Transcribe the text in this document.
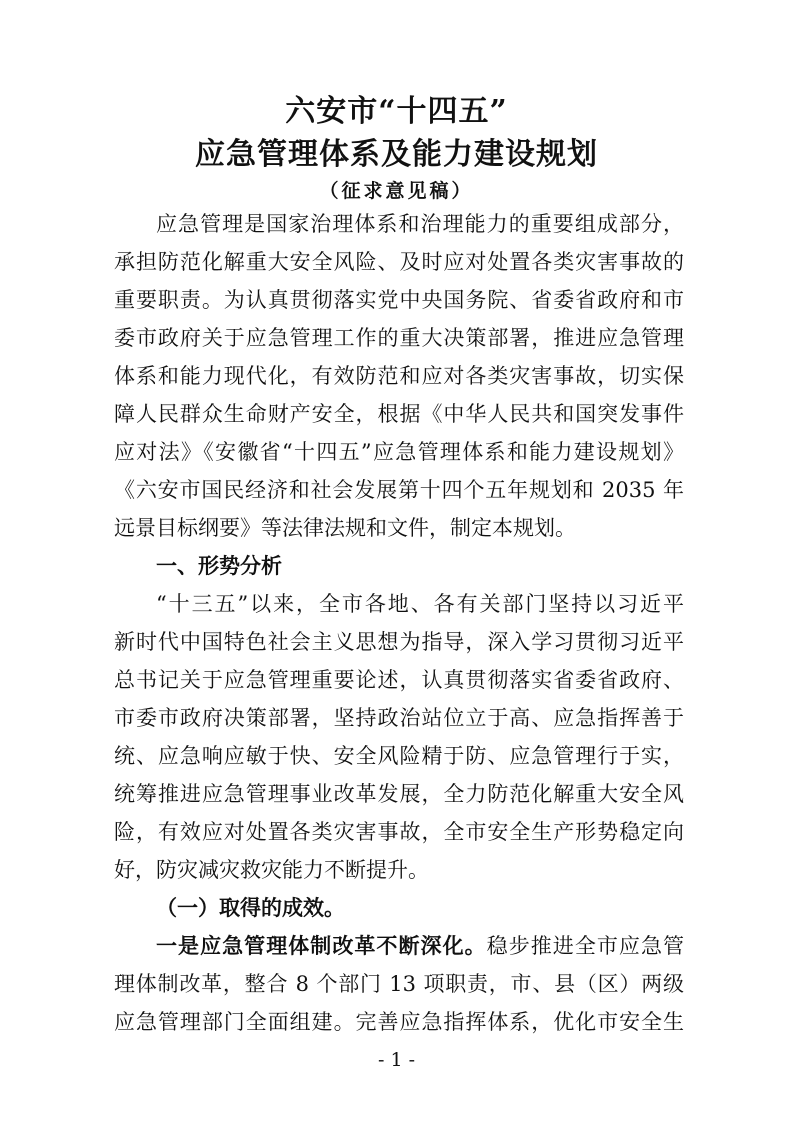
六安市“十四五”
应急管理体系及能力建设规划
（征求意见稿）
应急管理是国家治理体系和治理能力的重要组成部分，
承担防范化解重大安全风险、及时应对处置各类灾害事故的
重要职责。为认真贯彻落实党中央国务院、省委省政府和市
委市政府关于应急管理工作的重大决策部署，推进应急管理
体系和能力现代化，有效防范和应对各类灾害事故，切实保
障人民群众生命财产安全，根据《中华人民共和国突发事件
应对法》《安徽省“十四五”应急管理体系和能力建设规划》
《六安市国民经济和社会发展第十四个五年规划和 2035 年
远景目标纲要》等法律法规和文件，制定本规划。
一、形势分析
“十三五”以来，全市各地、各有关部门坚持以习近平
新时代中国特色社会主义思想为指导，深入学习贯彻习近平
总书记关于应急管理重要论述，认真贯彻落实省委省政府、
市委市政府决策部署，坚持政治站位立于高、应急指挥善于
统、应急响应敏于快、安全风险精于防、应急管理行于实，
统筹推进应急管理事业改革发展，全力防范化解重大安全风
险，有效应对处置各类灾害事故，全市安全生产形势稳定向
好，防灾减灾救灾能力不断提升。
（一）取得的成效。
一是应急管理体制改革不断深化。稳步推进全市应急管
理体制改革，整合 8 个部门 13 项职责，市、县（区）两级
应急管理部门全面组建。完善应急指挥体系，优化市安全生
- 1 -
